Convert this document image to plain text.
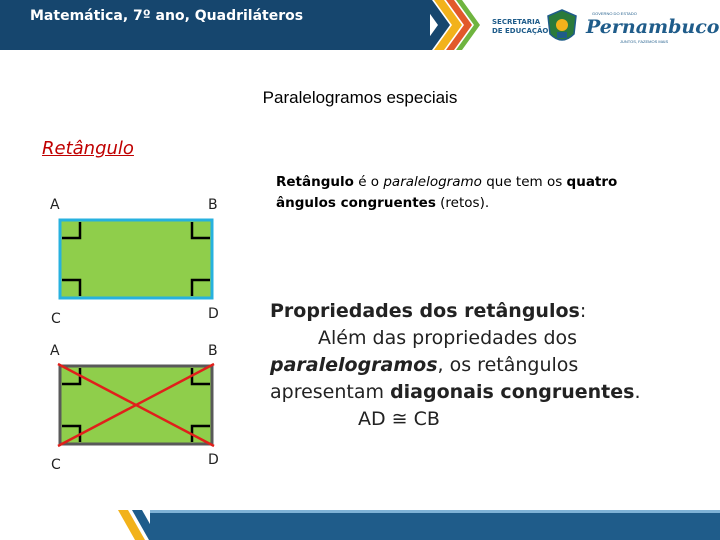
Matemática, 7º ano, Quadriláteros	SECRETARIA
DE EDUCAÇÃO
GOVERNO DO ESTADO
Pernambuco
JUNTOS, FAZEMOS MAIS
Paralelogramos especiais
Retângulo
A	B
C	D
A	B
C	D
Retângulo é o paralelogramo que tem os quatro ângulos congruentes (retos).
Propriedades dos retângulos:
Além das propriedades dos
paralelogramos, os retângulos
apresentam diagonais congruentes.
AD ≅ CB
